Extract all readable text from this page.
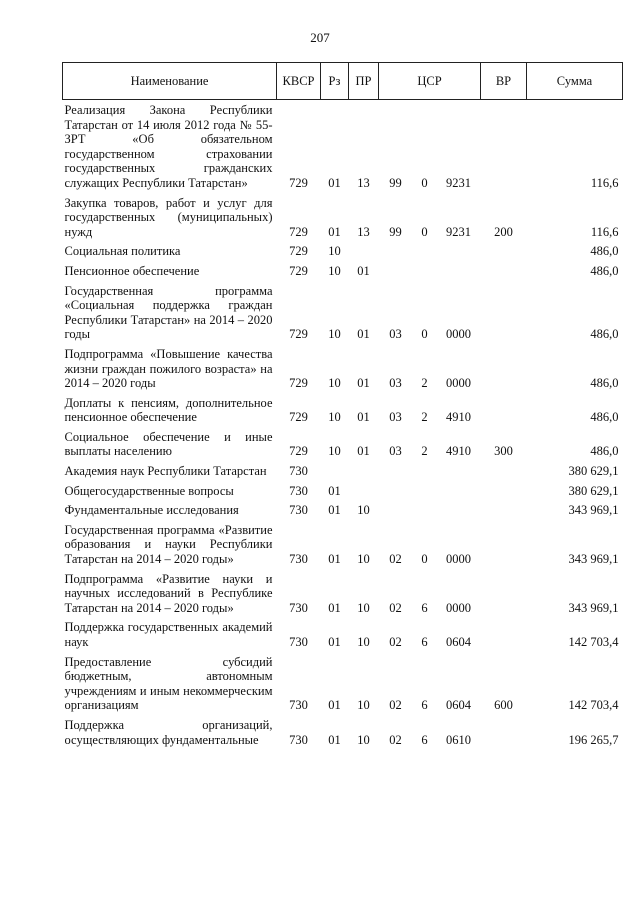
207
Наименование	КВСР	Рз	ПР	ЦСР			ВР	Сумма
Реализация Закона Республики Татарстан от 14 июля 2012 года № 55-ЗРТ «Об обязательном государственном страховании государственных гражданских служащих Республики Татарстан»	729	01	13	99	0	9231		116,6
Закупка товаров, работ и услуг для государственных (муниципальных) нужд	729	01	13	99	0	9231	200	116,6
Социальная политика	729	10						486,0
Пенсионное обеспечение	729	10	01					486,0
Государственная программа «Социальная поддержка граждан Республики Татарстан» на 2014 – 2020 годы	729	10	01	03	0	0000		486,0
Подпрограмма «Повышение качества жизни граждан пожилого возраста» на 2014 – 2020 годы	729	10	01	03	2	0000		486,0
Доплаты к пенсиям, дополнительное пенсионное обеспечение	729	10	01	03	2	4910		486,0
Социальное обеспечение и иные выплаты населению	729	10	01	03	2	4910	300	486,0
Академия наук Республики Татарстан	730							380 629,1
Общегосударственные вопросы	730	01						380 629,1
Фундаментальные исследования	730	01	10					343 969,1
Государственная программа «Развитие образования и науки Республики Татарстан на 2014 – 2020 годы»	730	01	10	02	0	0000		343 969,1
Подпрограмма «Развитие науки и научных исследований в Республике Татарстан на 2014 – 2020 годы»	730	01	10	02	6	0000		343 969,1
Поддержка государственных академий наук	730	01	10	02	6	0604		142 703,4
Предоставление субсидий бюджетным, автономным учреждениям и иным некоммерческим организациям	730	01	10	02	6	0604	600	142 703,4
Поддержка организаций, осуществляющих фундаментальные	730	01	10	02	6	0610		196 265,7
